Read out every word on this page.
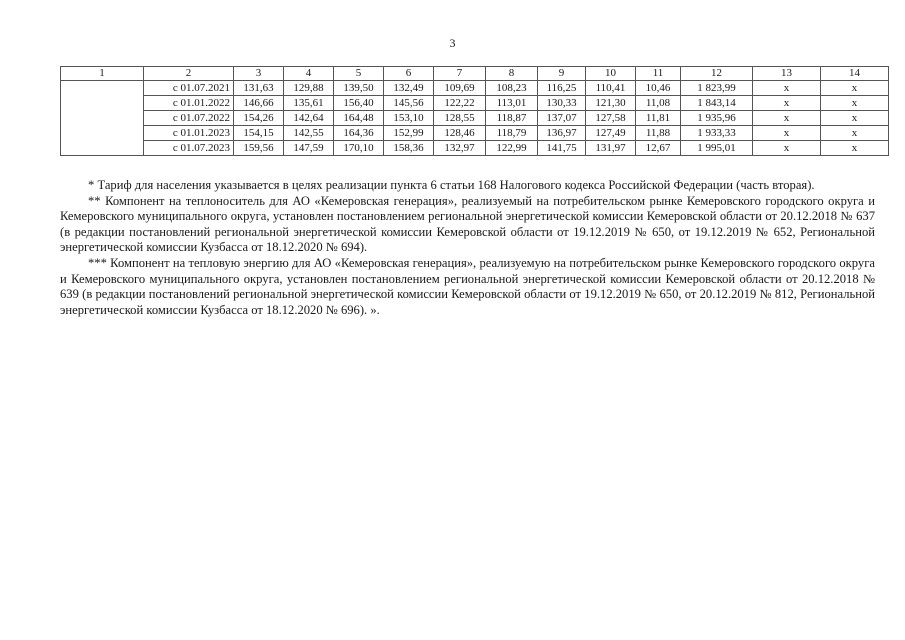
3
1	2	3	4	5	6	7	8	9	10	11	12	13	14
	с 01.07.2021	131,63	129,88	139,50	132,49	109,69	108,23	116,25	110,41	10,46	1 823,99	х	х
	с 01.01.2022	146,66	135,61	156,40	145,56	122,22	113,01	130,33	121,30	11,08	1 843,14	х	х
	с 01.07.2022	154,26	142,64	164,48	153,10	128,55	118,87	137,07	127,58	11,81	1 935,96	х	х
	с 01.01.2023	154,15	142,55	164,36	152,99	128,46	118,79	136,97	127,49	11,88	1 933,33	х	х
	с 01.07.2023	159,56	147,59	170,10	158,36	132,97	122,99	141,75	131,97	12,67	1 995,01	х	х

* Тариф для населения указывается в целях реализации пункта 6 статьи 168 Налогового кодекса Российской Федерации (часть вторая).

** Компонент на теплоноситель для АО «Кемеровская генерация», реализуемый на потребительском рынке Кемеровского городского округа и Кемеровского муниципального округа, установлен постановлением региональной энергетической комиссии Кемеровской области от 20.12.2018 № 637 (в редакции постановлений региональной энергетической комиссии Кемеровской области от 19.12.2019 № 650, от 19.12.2019 № 652, Региональной энергетической комиссии Кузбасса от 18.12.2020 № 694).

*** Компонент на тепловую энергию для АО «Кемеровская генерация», реализуемую на потребительском рынке Кемеровского городского округа и Кемеровского муниципального округа, установлен постановлением региональной энергетической комиссии Кемеровской области от 20.12.2018 № 639 (в редакции постановлений региональной энергетической комиссии Кемеровской области от 19.12.2019 № 650, от 20.12.2019 № 812, Региональной энергетической комиссии Кузбасса от 18.12.2020 № 696). ».
